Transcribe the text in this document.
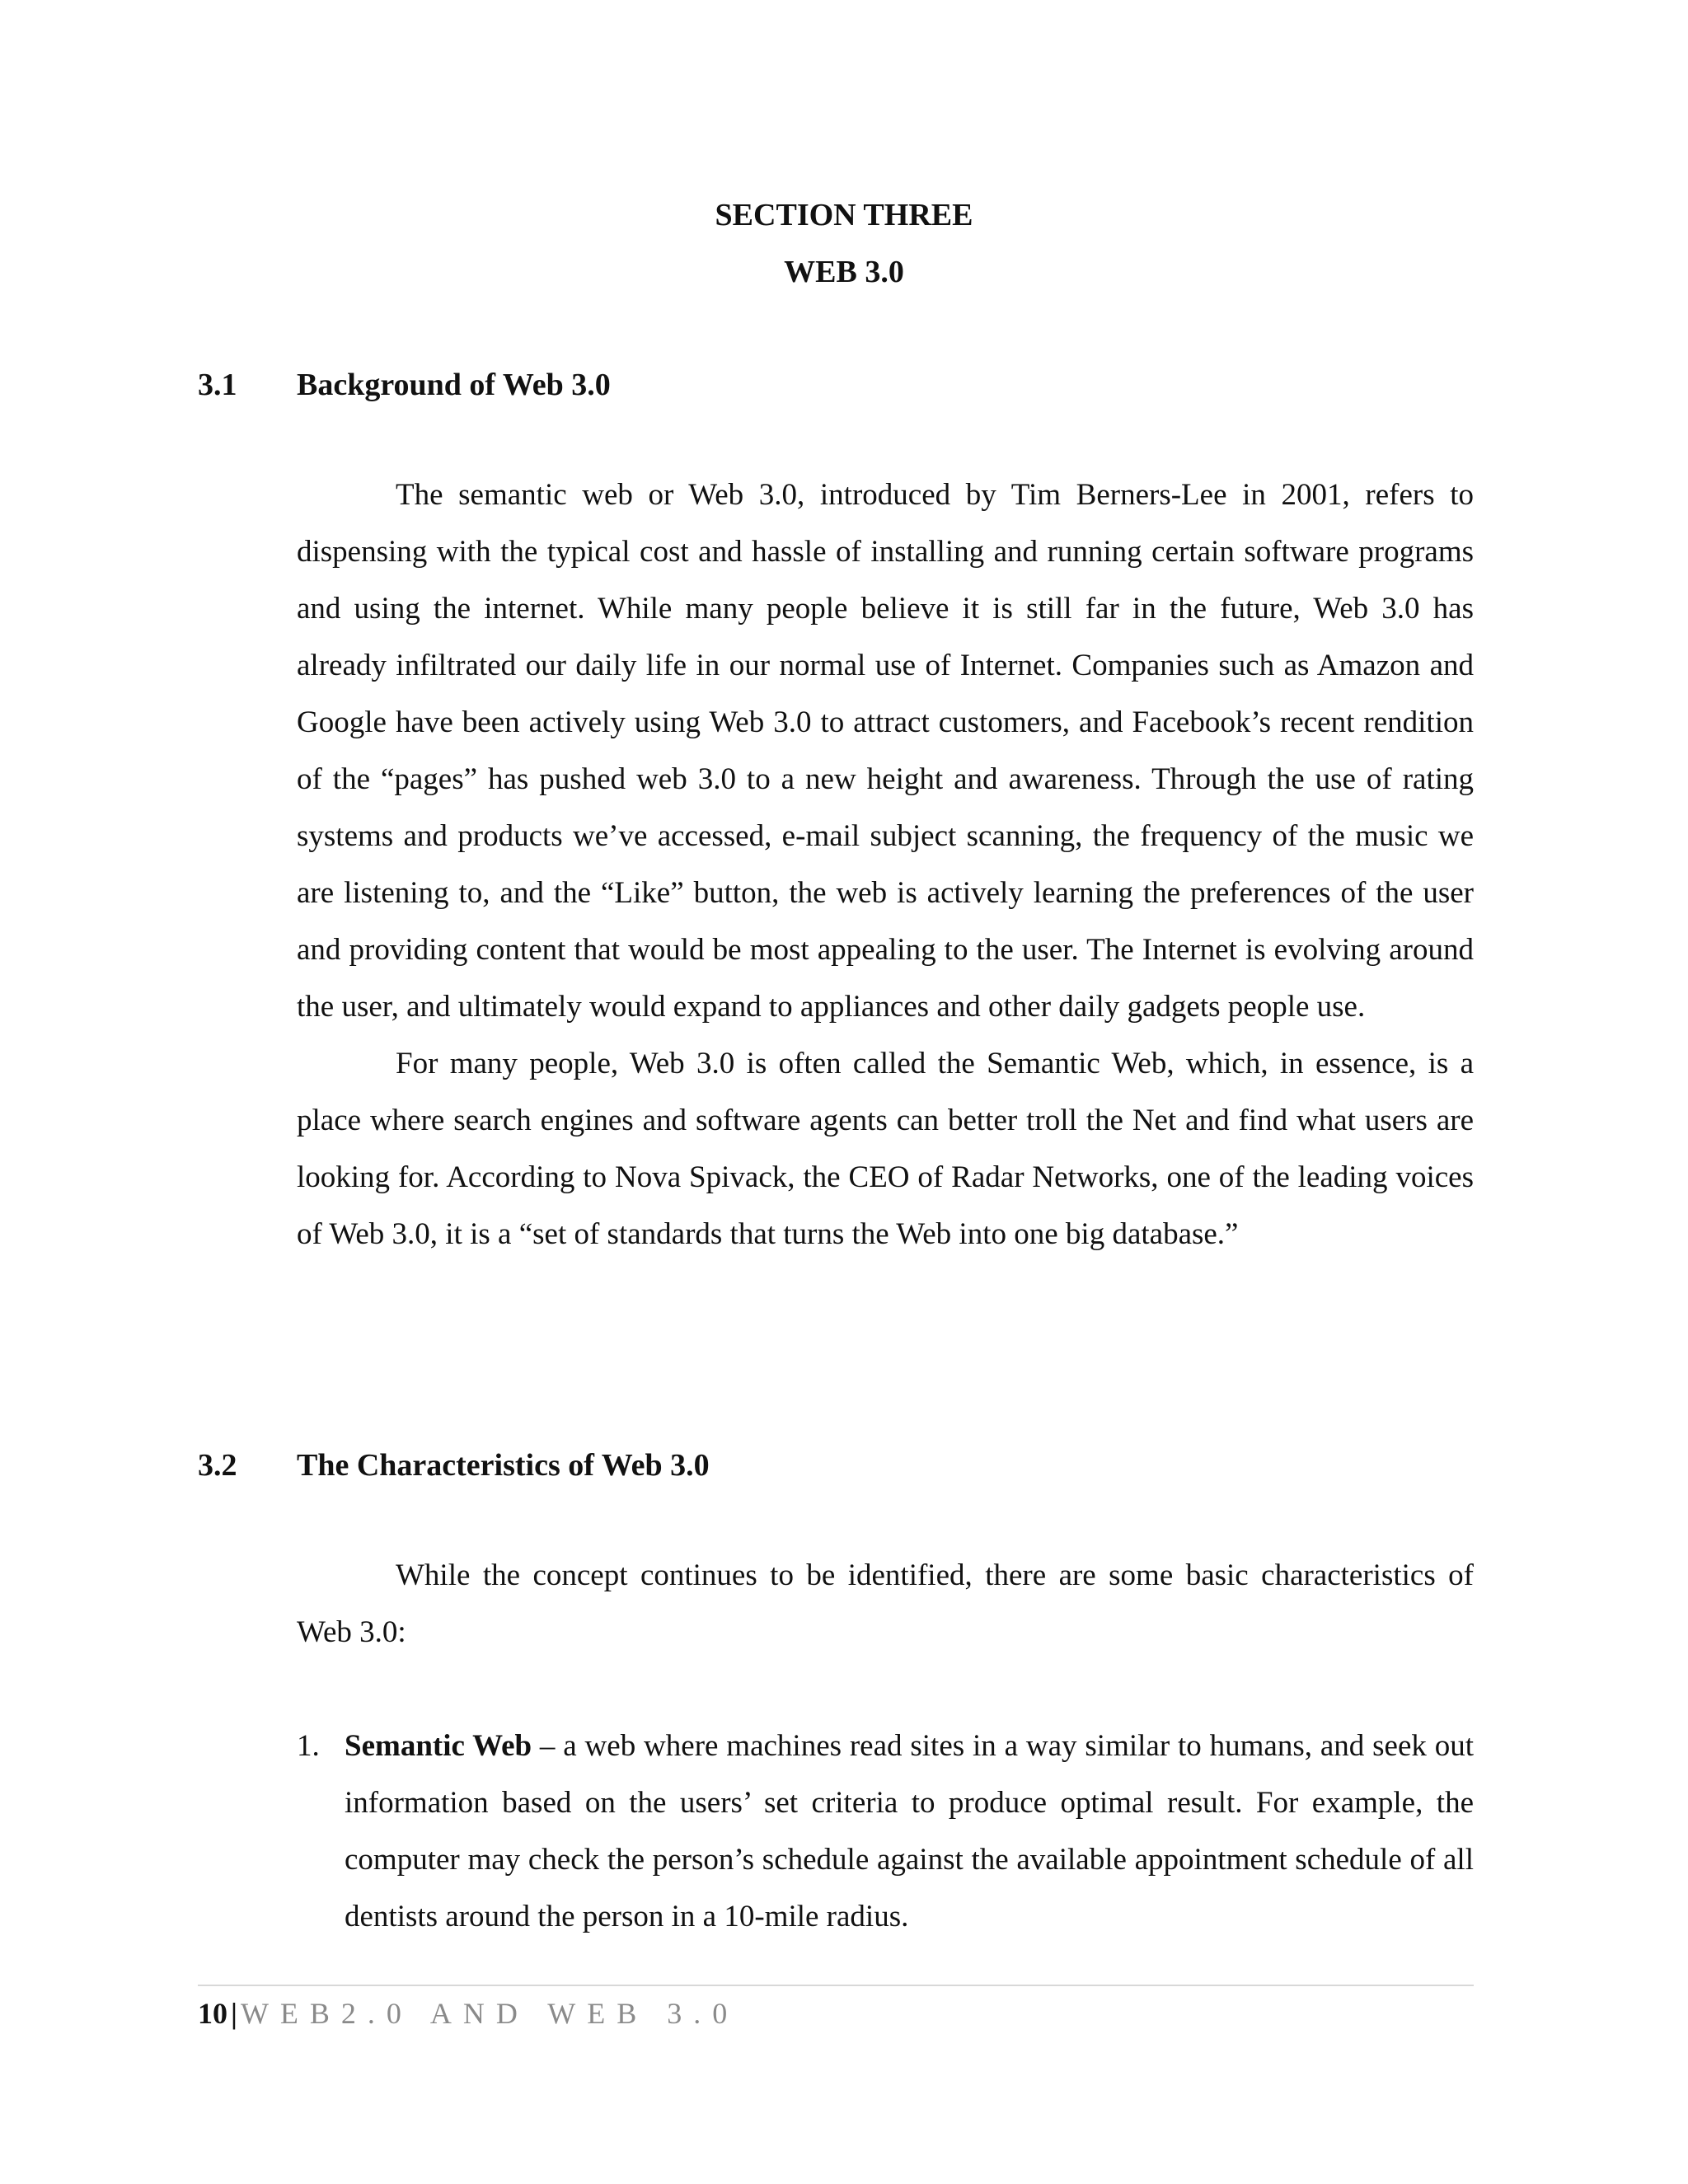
SECTION THREE
WEB 3.0
3.1 Background of Web 3.0

The semantic web or Web 3.0, introduced by Tim Berners-Lee in 2001, refers to dispensing with the typical cost and hassle of installing and running certain software programs and using the internet. While many people believe it is still far in the future, Web 3.0 has already infiltrated our daily life in our normal use of Internet. Companies such as Amazon and Google have been actively using Web 3.0 to attract customers, and Facebook’s recent rendition of the “pages” has pushed web 3.0 to a new height and awareness. Through the use of rating systems and products we’ve accessed, e-mail subject scanning, the frequency of the music we are listening to, and the “Like” button, the web is actively learning the preferences of the user and providing content that would be most appealing to the user. The Internet is evolving around the user, and ultimately would expand to appliances and other daily gadgets people use.

For many people, Web 3.0 is often called the Semantic Web, which, in essence, is a place where search engines and software agents can better troll the Net and find what users are looking for. According to Nova Spivack, the CEO of Radar Networks, one of the leading voices of Web 3.0, it is a “set of standards that turns the Web into one big database.”

3.2 The Characteristics of Web 3.0

While the concept continues to be identified, there are some basic characteristics of Web 3.0:

1. Semantic Web – a web where machines read sites in a way similar to humans, and seek out information based on the users’ set criteria to produce optimal result. For example, the computer may check the person’s schedule against the available appointment schedule of all dentists around the person in a 10-mile radius.
10 | WEB2.0 AND WEB 3.0
